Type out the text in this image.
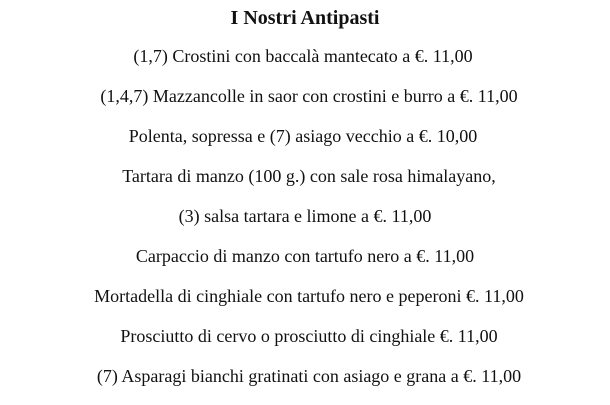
I Nostri Antipasti

(1,7) Crostini con baccalà mantecato a €. 11,00

(1,4,7) Mazzancolle in saor con crostini e burro a €. 11,00

Polenta, sopressa e (7) asiago vecchio a €. 10,00

Tartara di manzo (100 g.) con sale rosa himalayano,

(3) salsa tartara e limone a €. 11,00

Carpaccio di manzo con tartufo nero a €. 11,00

Mortadella di cinghiale con tartufo nero e peperoni €. 11,00

Prosciutto di cervo o prosciutto di cinghiale €. 11,00

(7) Asparagi bianchi gratinati con asiago e grana a €. 11,00
